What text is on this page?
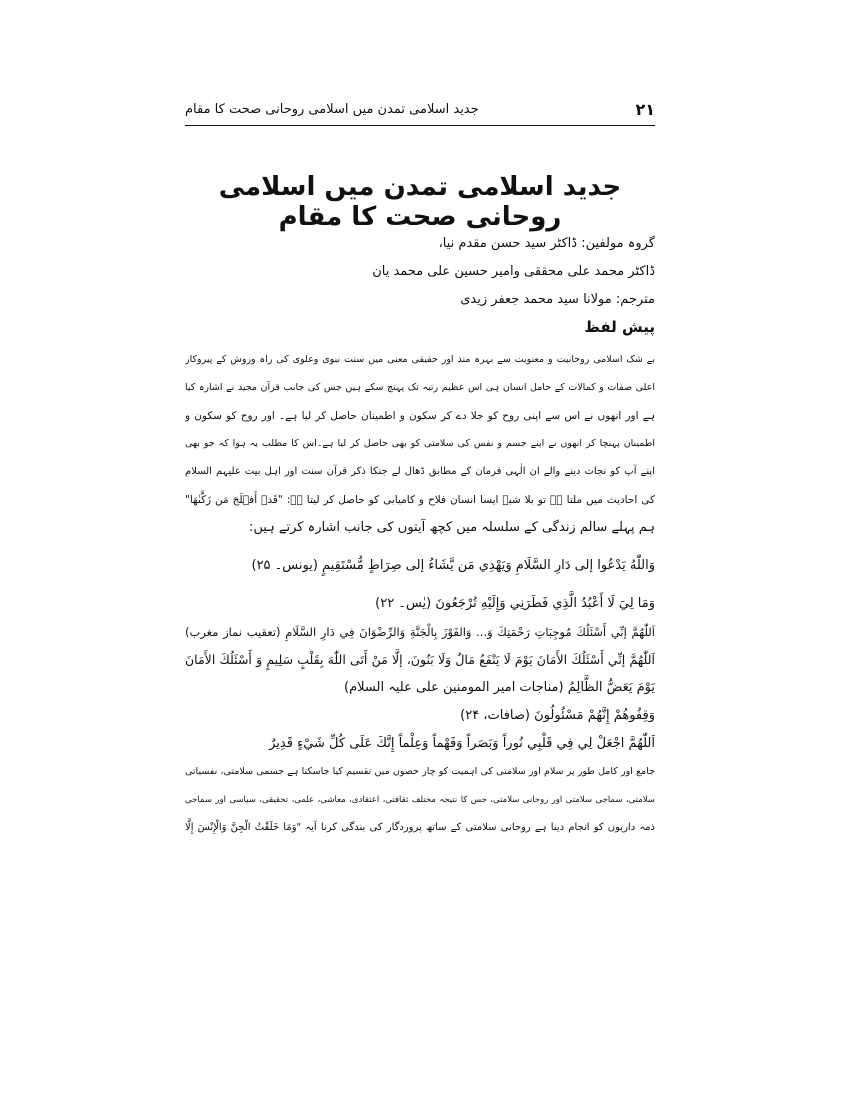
۲۱
جدید اسلامی تمدن میں اسلامی روحانی صحت کا مقام
جدید اسلامی تمدن میں اسلامی روحانی صحت کا مقام
گروہ مولفین: ڈاکٹر سید حسن مقدم نیا،
ڈاکٹر محمد علی محققی وامیر حسین علی محمد یان
مترجم: مولانا سید محمد جعفر زیدی
پیش لفظ
بے شک اسلامی روحانیت و معنویت سے بہرہ مند اور حقیقی معنی میں سنت نبوی وعلوی کی راہ وروش کے پیروکار
اعلی صفات و کمالات کے حامل انسان ہی اس عظیم رتبہ تک پہنچ سکے ہیں جس کی جانب قرآن مجید نے اشارہ کیا
ہے اور انھوں نے اس سے اپنی روح کو جلا دے کر سکون و اطمینان حاصل کر لیا ہے۔ اور روح کو سکون و
اطمینان پہنچا کر انھوں نے اپنے جسم و نفس کی سلامتی کو بھی حاصل کر لیا ہے۔اس کا مطلب یہ ہوا کہ جو بھی
اپنے آپ کو نجات دینے والے ان الٰہی فرمان کے مطابق ڈھال لے جنکا ذکر قرآن سنت اور اہل بیت علیہم السلام
کی احادیث میں ملتا ہے تو بلا شبہ ایسا انسان فلاح و کامیابی کو حاصل کر لیتا ہے: "قَدۡ أَفۡلَحَ مَن زَكَّىٰهَا"
ہم پہلے سالم زندگی کے سلسلہ میں کچھ آیتوں کی جانب اشارہ کرتے ہیں:
وَاللّٰهُ يَدْعُوا إلى دَارِ السَّلَامِ وَيَهْدِي مَن يَّشَاءُ إلى صِرَاطٍ مُّسْتَقِيمٍ (یونس۔ ۲۵)
وَمَا لِيَ لَا أَعْبُدُ الَّذِي فَطَرَنِي وَإِلَيْهِ تُرْجَعُونَ (یٰس۔ ۲۲)
اَللّٰهُمَّ إنِّي أَسْئَلُكَ مُوجِبَاتِ رَحْمَتِكَ وَ... وَالفَوْزَ بِالْجَنَّةِ وَالرِّضْوَانَ فِي دَارِ السَّلَامِ (تعقیب نماز مغرب)
اَللّٰهُمَّ إنِّي أَسْئَلُكَ الأَمَانَ يَوْمَ لَا يَنْفَعُ مَالٌ وَلَا بَنُونَ، إلَّا مَنْ أَتَى اللّٰهَ بِقَلْبٍ سَلِيمٍ وَ أَسْئَلُكَ الأَمَانَ
يَوْمَ يَعَضُّ الظَّالِمُ (مناجات امیر المومنین علی علیہ السلام)
وَقِفُوهُمْ إِنَّهُمْ مَسْئُولُونَ (صافات، ۲۴)
اَللّٰهُمَّ اجْعَلْ لِي فِي قَلْبِي نُوراً وَبَصَراً وَفَهْماً وَعِلْماً إِنَّكَ عَلَى كُلِّ شَيْءٍ قَدِيرٌ
جامع اور کامل طور پر سلام اور سلامتی کی اہمیت کو چار حصوں میں تقسیم کیا جاسکتا ہے جسمی سلامتی، نفسیاتی
سلامتی، سماجی سلامتی اور روحانی سلامتی، جس کا نتیجہ مختلف ثقافتی، اعتقادی، معاشی، علمی، تحقیقی، سیاسی اور سماجی
ذمہ داریوں کو انجام دینا ہے روحانی سلامتی کے ساتھ پروردگار کی بندگی کرنا آیہ "وَمَا خَلَقْتُ الْجِنَّ وَالْإِنْسَ إِلَّا
